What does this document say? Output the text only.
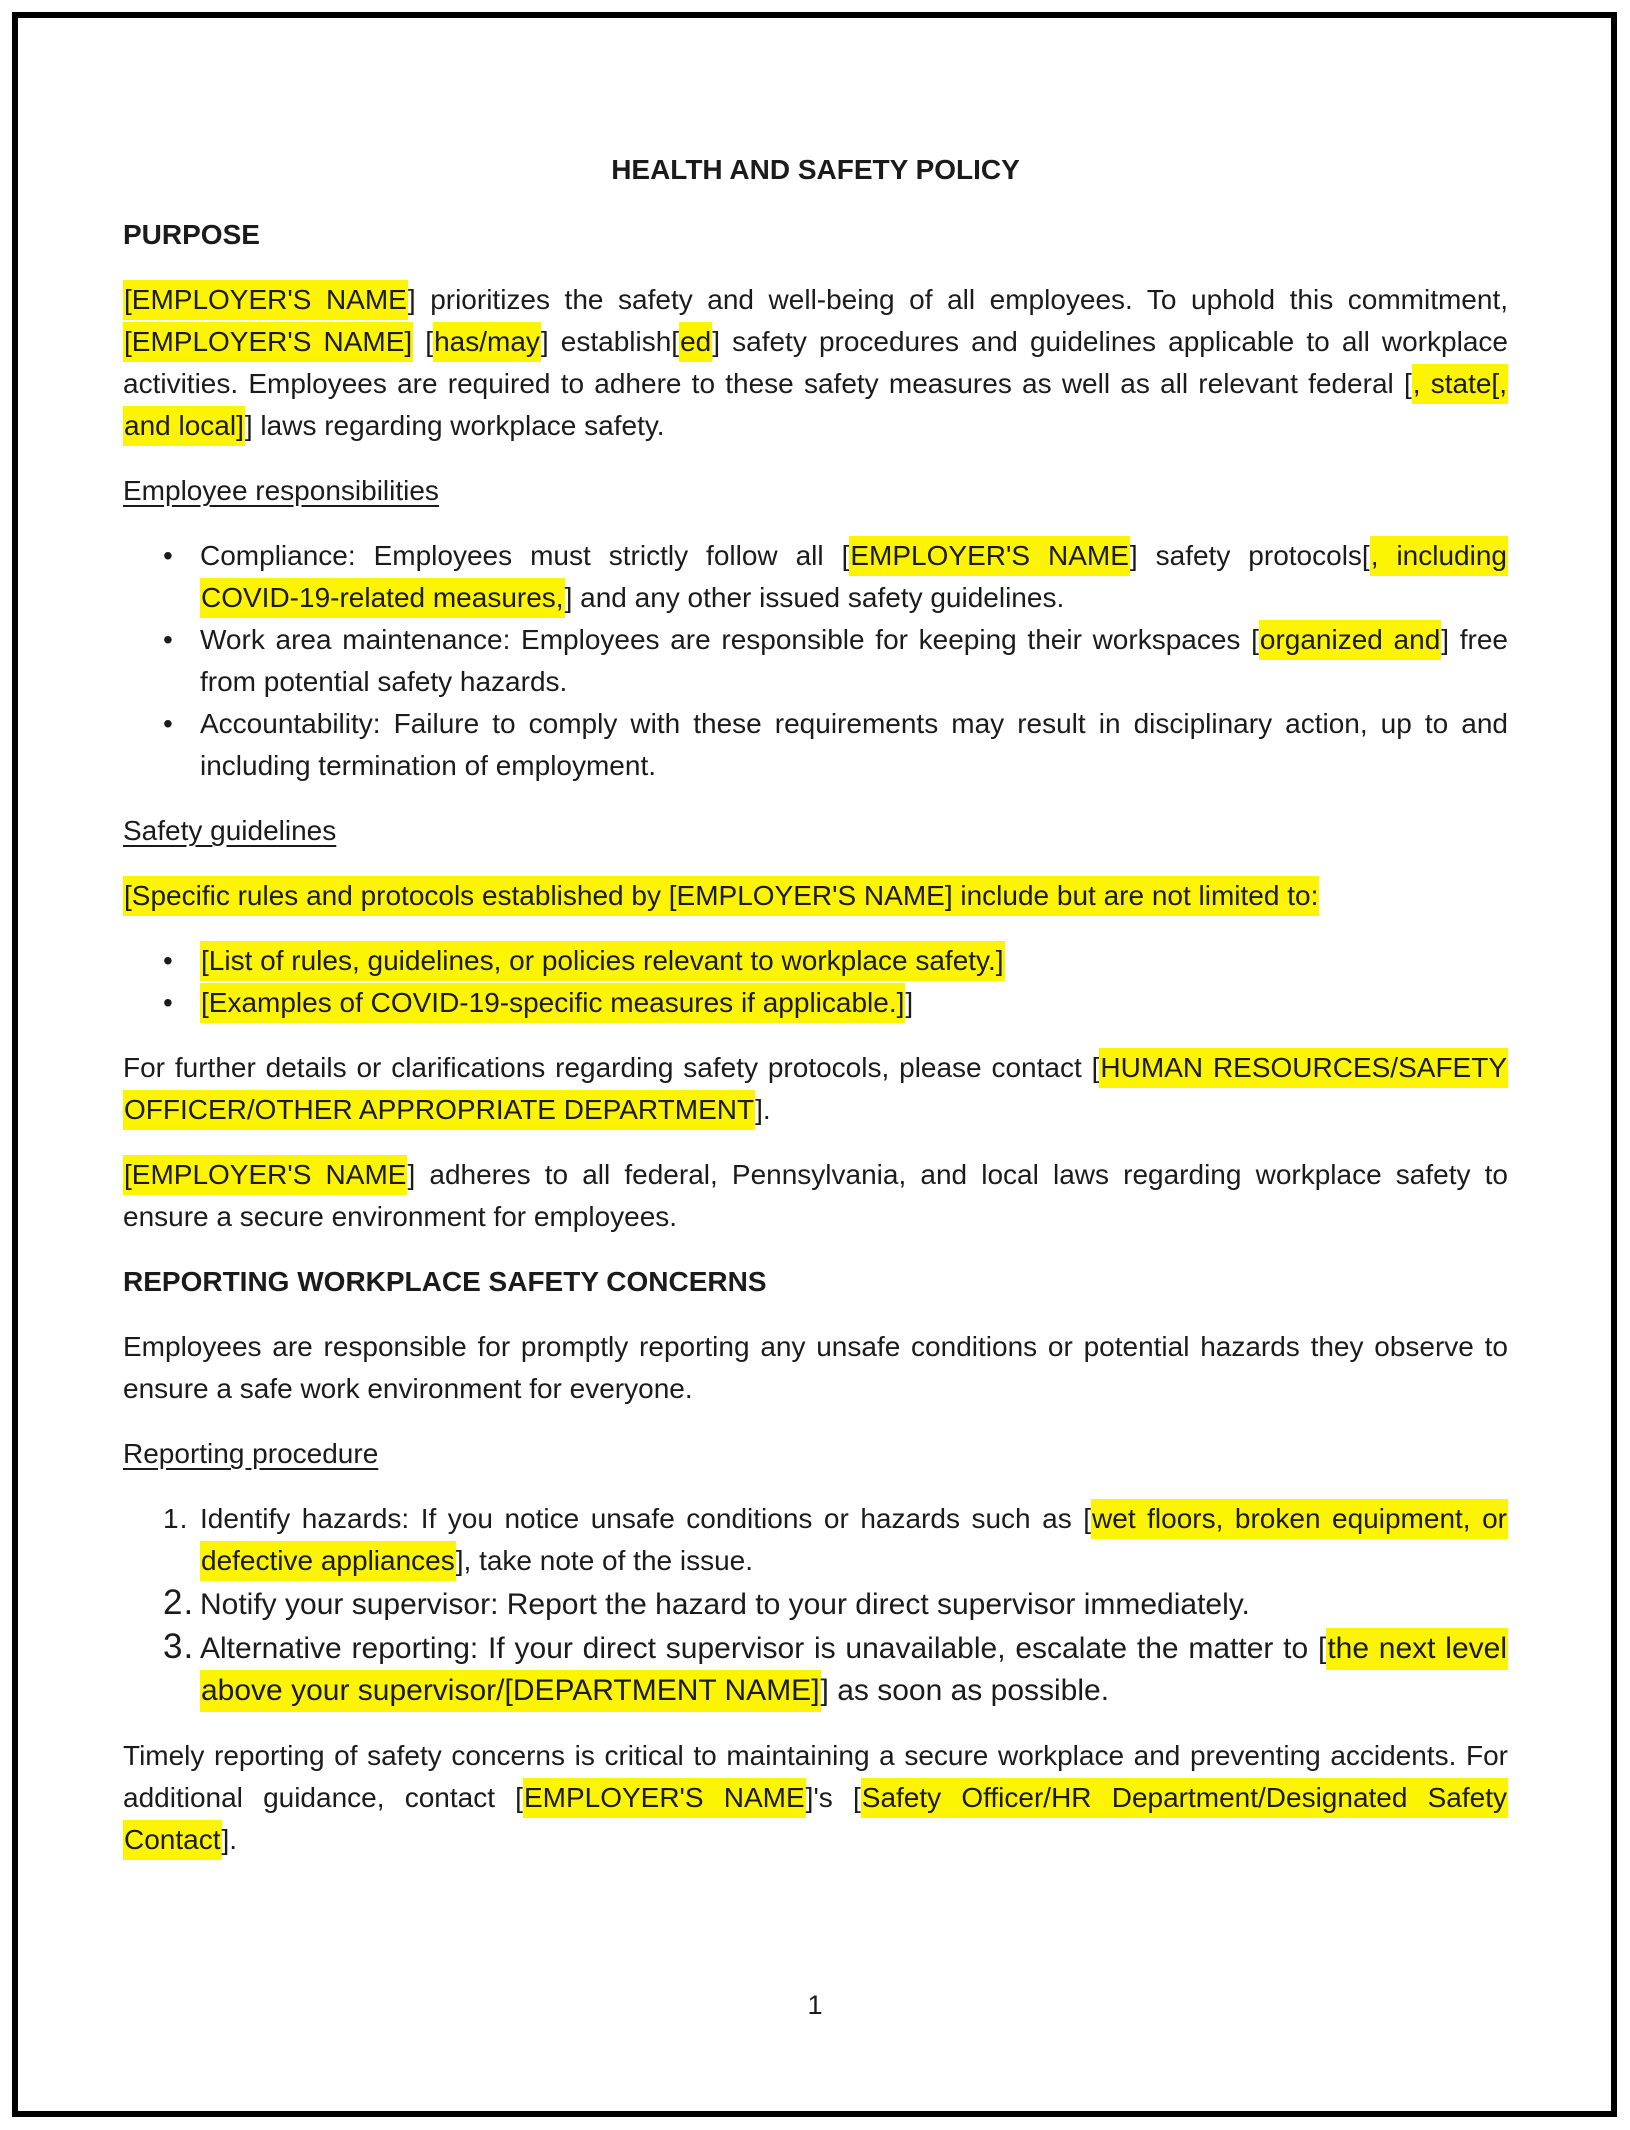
HEALTH AND SAFETY POLICY
PURPOSE
[EMPLOYER'S NAME] prioritizes the safety and well-being of all employees. To uphold this commitment, [EMPLOYER'S NAME] [has/may] establish[ed] safety procedures and guidelines applicable to all workplace activities. Employees are required to adhere to these safety measures as well as all relevant federal [, state[, and local]] laws regarding workplace safety.
Employee responsibilities
• Compliance: Employees must strictly follow all [EMPLOYER'S NAME] safety protocols[, including COVID-19-related measures,] and any other issued safety guidelines.
• Work area maintenance: Employees are responsible for keeping their workspaces [organized and] free from potential safety hazards.
• Accountability: Failure to comply with these requirements may result in disciplinary action, up to and including termination of employment.
Safety guidelines
[Specific rules and protocols established by [EMPLOYER'S NAME] include but are not limited to:
•	[List of rules, guidelines, or policies relevant to workplace safety.]
•	[Examples of COVID-19-specific measures if applicable.]]
For further details or clarifications regarding safety protocols, please contact [HUMAN RESOURCES/SAFETY OFFICER/OTHER APPROPRIATE DEPARTMENT].
[EMPLOYER'S NAME] adheres to all federal, Pennsylvania, and local laws regarding workplace safety to ensure a secure environment for employees.
REPORTING WORKPLACE SAFETY CONCERNS
Employees are responsible for promptly reporting any unsafe conditions or potential hazards they observe to ensure a safe work environment for everyone.
Reporting procedure
1. Identify hazards: If you notice unsafe conditions or hazards such as [wet floors, broken equipment, or defective appliances], take note of the issue.
2. Notify your supervisor: Report the hazard to your direct supervisor immediately.
3. Alternative reporting: If your direct supervisor is unavailable, escalate the matter to [the next level above your supervisor/[DEPARTMENT NAME]] as soon as possible.
Timely reporting of safety concerns is critical to maintaining a secure workplace and preventing accidents. For additional guidance, contact [EMPLOYER'S NAME]'s [Safety Officer/HR Department/Designated Safety Contact].
1
